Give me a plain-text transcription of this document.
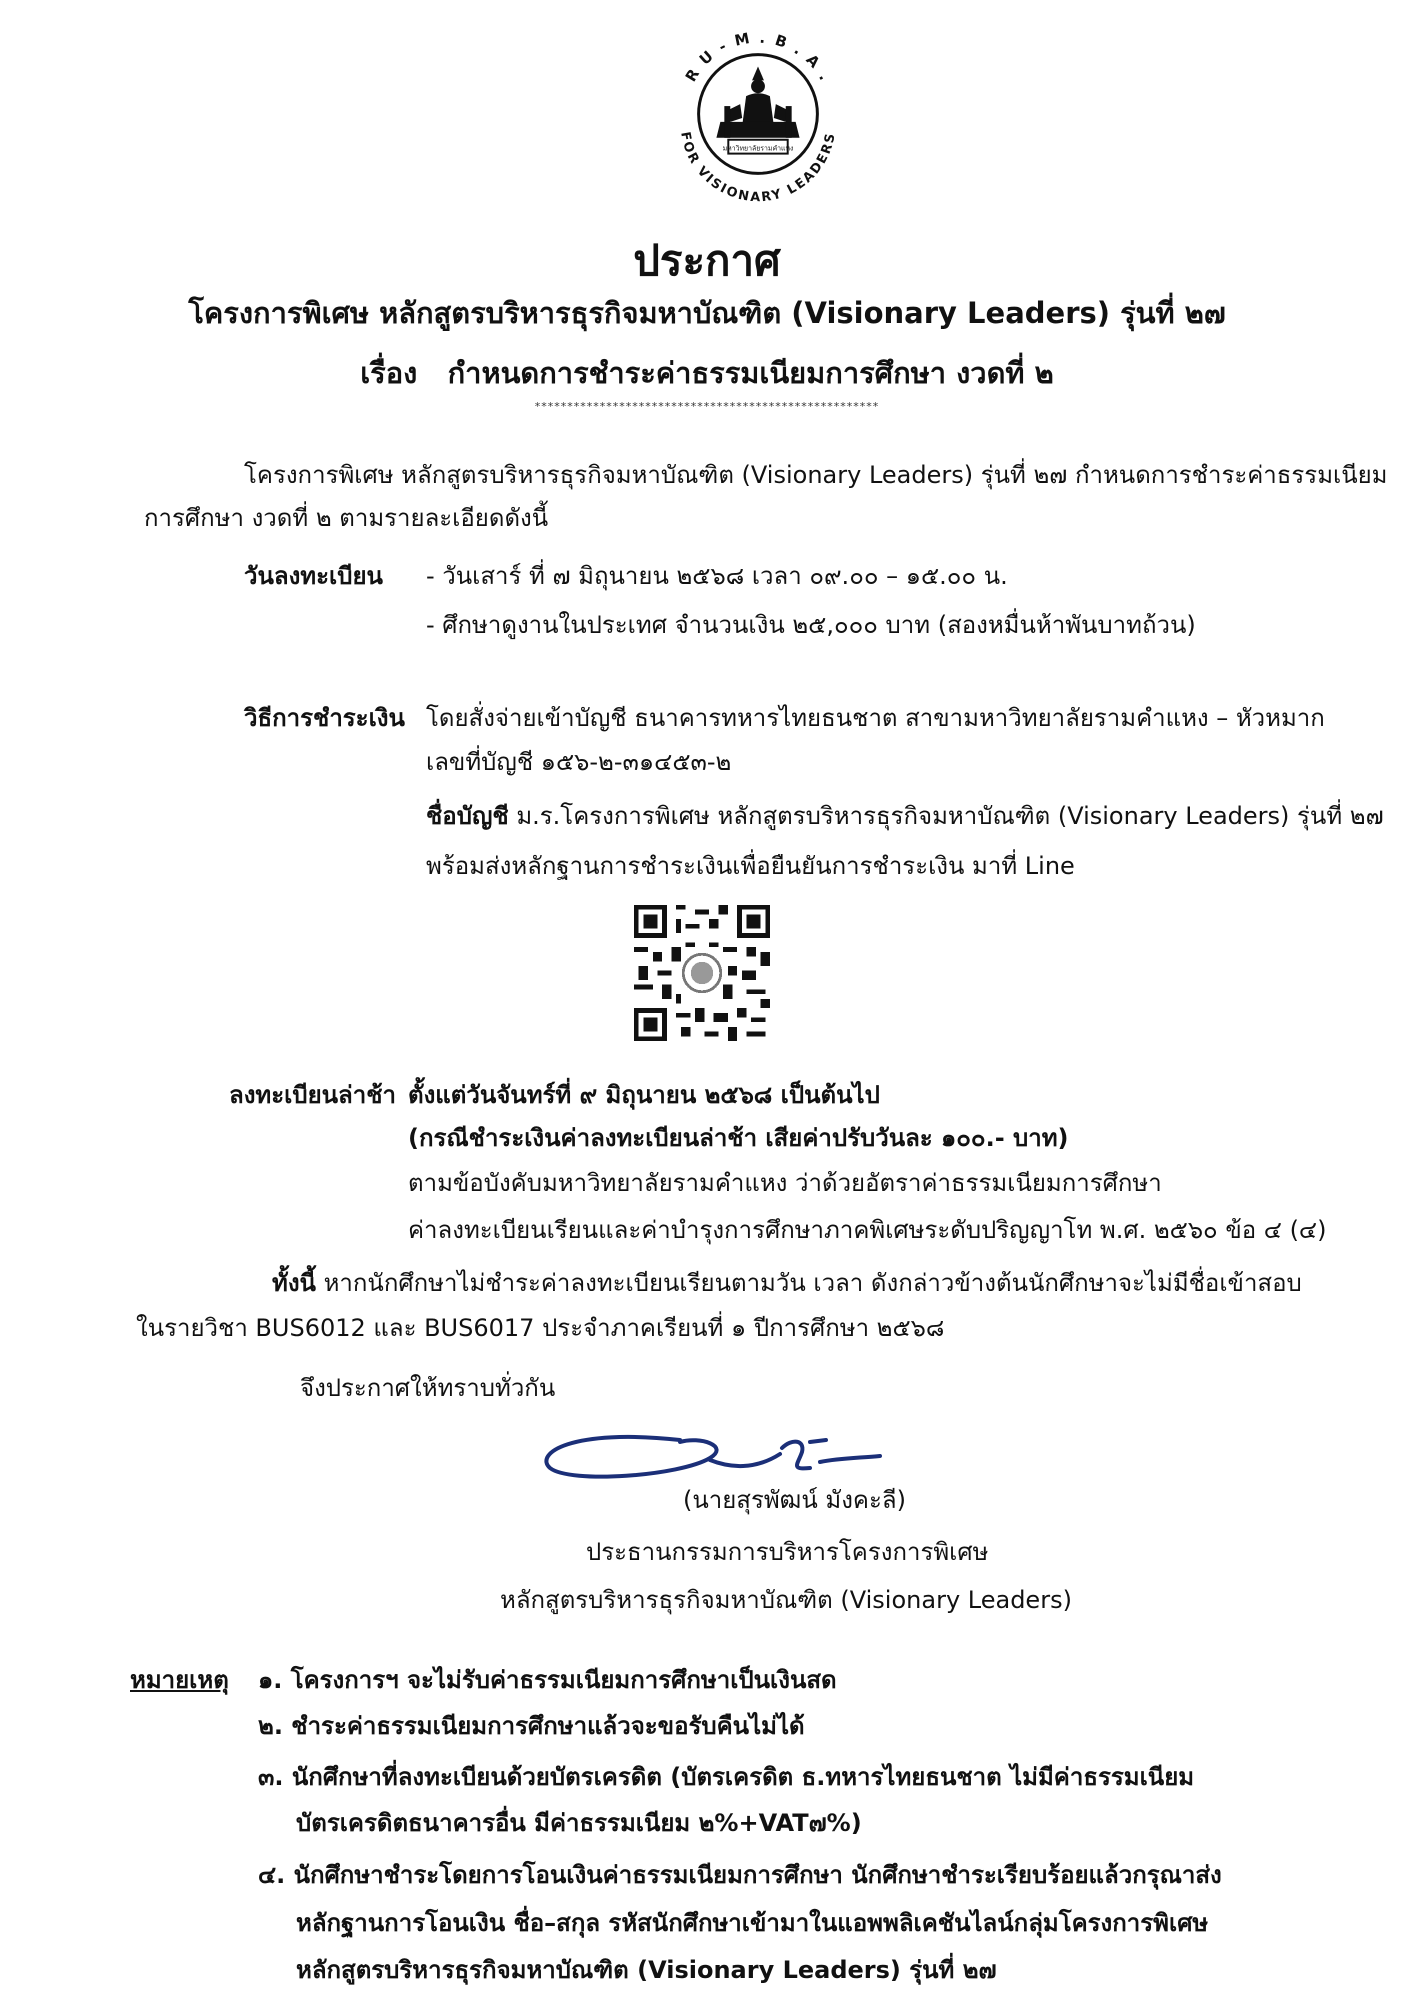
R U - M . B . A .
FOR VISIONARY LEADERS
มหาวิทยาลัยรามคำแหง
ประกาศ
โครงการพิเศษ หลักสูตรบริหารธุรกิจมหาบัณฑิต (Visionary Leaders) รุ่นที่ ๒๗
เรื่อง กำหนดการชำระค่าธรรมเนียมการศึกษา งวดที่ ๒
*****************************************************
โครงการพิเศษ หลักสูตรบริหารธุรกิจมหาบัณฑิต (Visionary Leaders) รุ่นที่ ๒๗ กำหนดการชำระค่าธรรมเนียม
การศึกษา งวดที่ ๒ ตามรายละเอียดดังนี้
วันลงทะเบียน - วันเสาร์ ที่ ๗ มิถุนายน ๒๕๖๘ เวลา ๐๙.๐๐ – ๑๕.๐๐ น.
- ศึกษาดูงานในประเทศ จำนวนเงิน ๒๕,๐๐๐ บาท (สองหมื่นห้าพันบาทถ้วน)
วิธีการชำระเงิน โดยสั่งจ่ายเข้าบัญชี ธนาคารทหารไทยธนชาต สาขามหาวิทยาลัยรามคำแหง – หัวหมาก
เลขที่บัญชี ๑๕๖-๒-๓๑๔๕๓-๒
ชื่อบัญชี ม.ร.โครงการพิเศษ หลักสูตรบริหารธุรกิจมหาบัณฑิต (Visionary Leaders) รุ่นที่ ๒๗
พร้อมส่งหลักฐานการชำระเงินเพื่อยืนยันการชำระเงิน มาที่ Line
ลงทะเบียนล่าช้า ตั้งแต่วันจันทร์ที่ ๙ มิถุนายน ๒๕๖๘ เป็นต้นไป
(กรณีชำระเงินค่าลงทะเบียนล่าช้า เสียค่าปรับวันละ ๑๐๐.- บาท)
ตามข้อบังคับมหาวิทยาลัยรามคำแหง ว่าด้วยอัตราค่าธรรมเนียมการศึกษา
ค่าลงทะเบียนเรียนและค่าบำรุงการศึกษาภาคพิเศษระดับปริญญาโท พ.ศ. ๒๕๖๐ ข้อ ๔ (๔)
ทั้งนี้ หากนักศึกษาไม่ชำระค่าลงทะเบียนเรียนตามวัน เวลา ดังกล่าวข้างต้นนักศึกษาจะไม่มีชื่อเข้าสอบ
ในรายวิชา BUS6012 และ BUS6017 ประจำภาคเรียนที่ ๑ ปีการศึกษา ๒๕๖๘
จึงประกาศให้ทราบทั่วกัน
(นายสุรพัฒน์ มังคะลี)
ประธานกรรมการบริหารโครงการพิเศษ
หลักสูตรบริหารธุรกิจมหาบัณฑิต (Visionary Leaders)
หมายเหตุ ๑. โครงการฯ จะไม่รับค่าธรรมเนียมการศึกษาเป็นเงินสด
๒. ชำระค่าธรรมเนียมการศึกษาแล้วจะขอรับคืนไม่ได้
๓. นักศึกษาที่ลงทะเบียนด้วยบัตรเครดิต (บัตรเครดิต ธ.ทหารไทยธนชาต ไม่มีค่าธรรมเนียม
บัตรเครดิตธนาคารอื่น มีค่าธรรมเนียม ๒%+VAT๗%)
๔. นักศึกษาชำระโดยการโอนเงินค่าธรรมเนียมการศึกษา นักศึกษาชำระเรียบร้อยแล้วกรุณาส่ง
หลักฐานการโอนเงิน ชื่อ–สกุล รหัสนักศึกษาเข้ามาในแอพพลิเคชันไลน์กลุ่มโครงการพิเศษ
หลักสูตรบริหารธุรกิจมหาบัณฑิต (Visionary Leaders) รุ่นที่ ๒๗
